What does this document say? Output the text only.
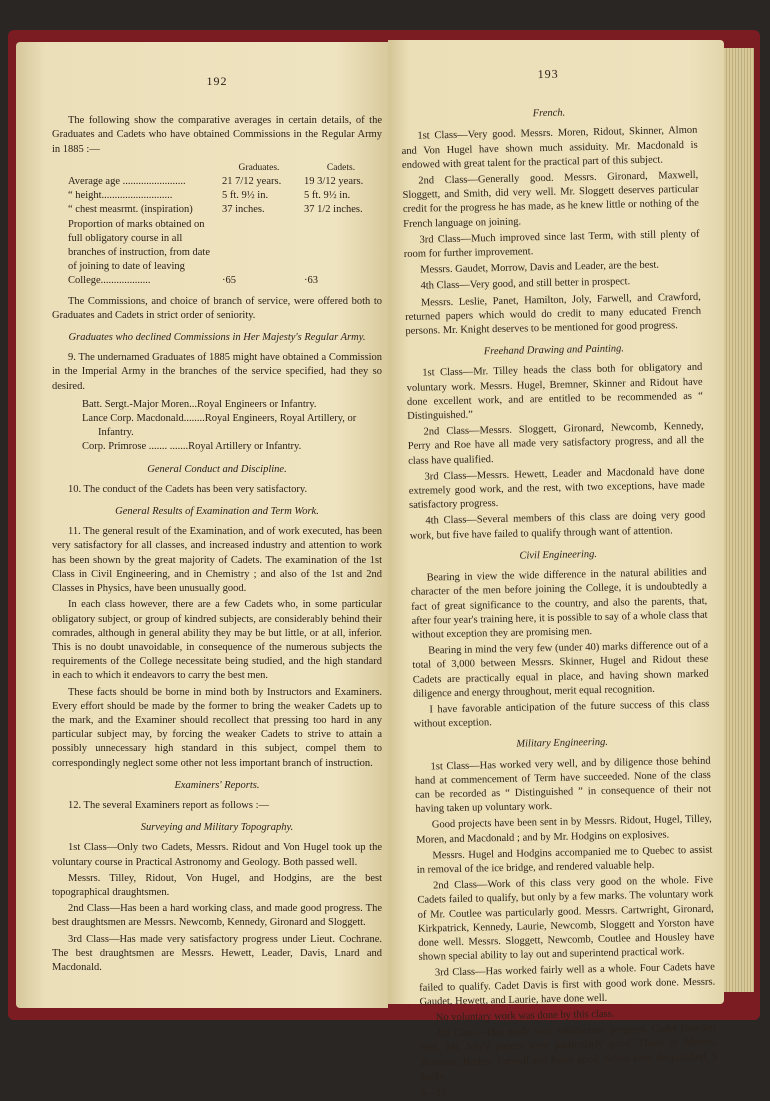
192

The following show the comparative averages in certain details, of the Graduates and Cadets who have obtained Commissions in the Regular Army in 1885 :—

	Graduates.	Cadets.
Average age ........................	21 7/12 years.	19 3/12 years.
“ height...........................	5 ft. 9½ in.	5 ft. 9½ in.
“ chest measrmt. (inspiration)	37 inches.	37 1/2 inches.
Proportion of marks obtained on full obligatory course in all branches of instruction, from date of joining to date of leaving College...................	·65	·63

The Commissions, and choice of branch of service, were offered both to Graduates and Cadets in strict order of seniority.

Graduates who declined Commissions in Her Majesty's Regular Army.

9. The undernamed Graduates of 1885 might have obtained a Commission in the Imperial Army in the branches of the service specified, had they so desired.

Batt. Sergt.-Major Moren...Royal Engineers or Infantry.
Lance Corp. Macdonald........Royal Engineers, Royal Artillery, or Infantry.
Corp. Primrose ....... .......Royal Artillery or Infantry.
General Conduct and Discipline.

10. The conduct of the Cadets has been very satisfactory.

General Results of Examination and Term Work.

11. The general result of the Examination, and of work executed, has been very satisfactory for all classes, and increased industry and attention to work has been shown by the great majority of Cadets. The examination of the 1st Class in Civil Engineering, and in Chemistry ; and also of the 1st and 2nd Classes in Physics, have been unusually good.

In each class however, there are a few Cadets who, in some particular obligatory subject, or group of kindred subjects, are considerably behind their comrades, although in general ability they may be but little, or at all, inferior. This is no doubt unavoidable, in consequence of the numerous subjects the requirements of the College necessitate being studied, and the high standard in each to which it endeavors to carry the best men.

These facts should be borne in mind both by Instructors and Examiners. Every effort should be made by the former to bring the weaker Cadets up to the mark, and the Examiner should recollect that pressing too hard in any particular subject may, by forcing the weaker Cadets to strive to attain a possibly unnecessary high standard in this subject, compel them to correspondingly neglect some other not less important branch of instruction.

Examiners' Reports.

12. The several Examiners report as follows :—

Surveying and Military Topography.

1st Class—Only two Cadets, Messrs. Ridout and Von Hugel took up the voluntary course in Practical Astronomy and Geology. Both passed well.

Messrs. Tilley, Ridout, Von Hugel, and Hodgins, are the best topographical draughtsmen.

2nd Class—Has been a hard working class, and made good progress. The best draughtsmen are Messrs. Newcomb, Kennedy, Gironard and Sloggett.

3rd Class—Has made very satisfactory progress under Lieut. Cochrane. The best draughtsmen are Messrs. Hewett, Leader, Davis, Lnard and Macdonald.

193
French.

1st Class—Very good. Messrs. Moren, Ridout, Skinner, Almon and Von Hugel have shown much assiduity. Mr. Macdonald is endowed with great talent for the practical part of this subject.

2nd Class—Generally good. Messrs. Gironard, Maxwell, Sloggett, and Smith, did very well. Mr. Sloggett deserves particular credit for the progress he has made, as he knew little or nothing of the French language on joining.

3rd Class—Much improved since last Term, with still plenty of room for further improvement.

Messrs. Gaudet, Morrow, Davis and Leader, are the best.

4th Class—Very good, and still better in prospect.

Messrs. Leslie, Panet, Hamilton, Joly, Farwell, and Crawford, returned papers which would do credit to many educated French persons. Mr. Knight deserves to be mentioned for good progress.

Freehand Drawing and Painting.

1st Class—Mr. Tilley heads the class both for obligatory and voluntary work. Messrs. Hugel, Bremner, Skinner and Ridout have done excellent work, and are entitled to be recommended as “ Distinguished.”

2nd Class—Messrs. Sloggett, Gironard, Newcomb, Kennedy, Perry and Roe have all made very satisfactory progress, and all the class have qualified.

3rd Class—Messrs. Hewett, Leader and Macdonald have done extremely good work, and the rest, with two exceptions, have made satisfactory progress.

4th Class—Several members of this class are doing very good work, but five have failed to qualify through want of attention.

Civil Engineering.

Bearing in view the wide difference in the natural abilities and character of the men before joining the College, it is undoubtedly a fact of great significance to the country, and also the parents, that, after four year's training here, it is possible to say of a whole class that without exception they are promising men.

Bearing in mind the very few (under 40) marks difference out of a total of 3,000 between Messrs. Skinner, Hugel and Ridout these Cadets are practically equal in place, and having shown marked diligence and energy throughout, merit equal recognition.

I have favorable anticipation of the future success of this class without exception.

Military Engineering.

1st Class—Has worked very well, and by diligence those behind hand at commencement of Term have succeeded. None of the class can be recorded as “ Distinguished ” in consequence of their not having taken up voluntary work.

Good projects have been sent in by Messrs. Ridout, Hugel, Tilley, Moren, and Macdonald ; and by Mr. Hodgins on explosives.

Messrs. Hugel and Hodgins accompanied me to Quebec to assist in removal of the ice bridge, and rendered valuable help.

2nd Class—Work of this class very good on the whole. Five Cadets failed to qualify, but only by a few marks. The voluntary work of Mr. Coutlee was particularly good. Messrs. Cartwright, Gironard, Kirkpatrick, Kennedy, Laurie, Newcomb, Sloggett and Yorston have done well. Messrs. Sloggett, Newcomb, Coutlee and Housley have shown special ability to lay out and superintend practical work.

3rd Class—Has worked fairly well as a whole. Four Cadets have failed to qualify. Cadet Davis is first with good work done. Messrs. Gaudet, Hewett, and Laurie, have done well.

No voluntary work was done by this class.

4th Class—Has made very satisfactory progress. Cadet Hencker first. Mr. Joly's papers were particularly good. Those of Messrs. Bremner, Barker, Farwell and Panet good. Seven have disqualified, 3 badly.

6—13
